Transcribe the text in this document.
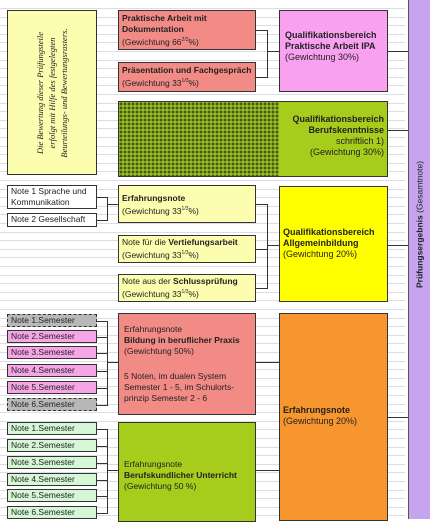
Die Bewertung dieser Prüfungsteile erfolgt mit Hilfe des festgelegten Beurteilungs- und Bewertungsrasters.
Praktische Arbeit mit
Dokumentation
(Gewichtung $66^{2/3}\%$)
Präsentation und Fachgespräch
(Gewichtung $33^{1/3}\%$)
Qualifikationsbereich
Praktische Arbeit IPA
(Gewichtung 30%)
Qualifikationsbereich
Berufskenntnisse
schriftlich 1)
(Gewichtung 30%)
Note 1 Sprache und
Kommunikation
Note 2 Gesellschaft
Erfahrungsnote
(Gewichtung $33^{1/3}\%$)
Note für die Vertiefungsarbeit
(Gewichtung $33^{1/3}\%$)
Note aus der Schlussprüfung
(Gewichtung $33^{1/3}\%$)
Qualifikationsbereich
Allgemeinbildung
(Gewichtung 20%)
Note 1.Semester
Note 2.Semester
Note 3.Semester
Note 4.Semester
Note 5.Semester
Note 6.Semester
Erfahrungsnote
Bildung in beruflicher Praxis
(Gewichtung 50%)
5 Noten, im dualen System
Semester 1 - 5, im Schulorts-
prinzip Semester 2 - 6
Note 1.Semester
Note 2.Semester
Note 3.Semester
Note 4.Semester
Note 5.Semester
Note 6.Semester
Erfahrungsnote
Berufskundlicher Unterricht
(Gewichtung 50 %)
Erfahrungsnote
(Gewichtung 20%)
Prüfungsergebnis (Gesamtnote)
